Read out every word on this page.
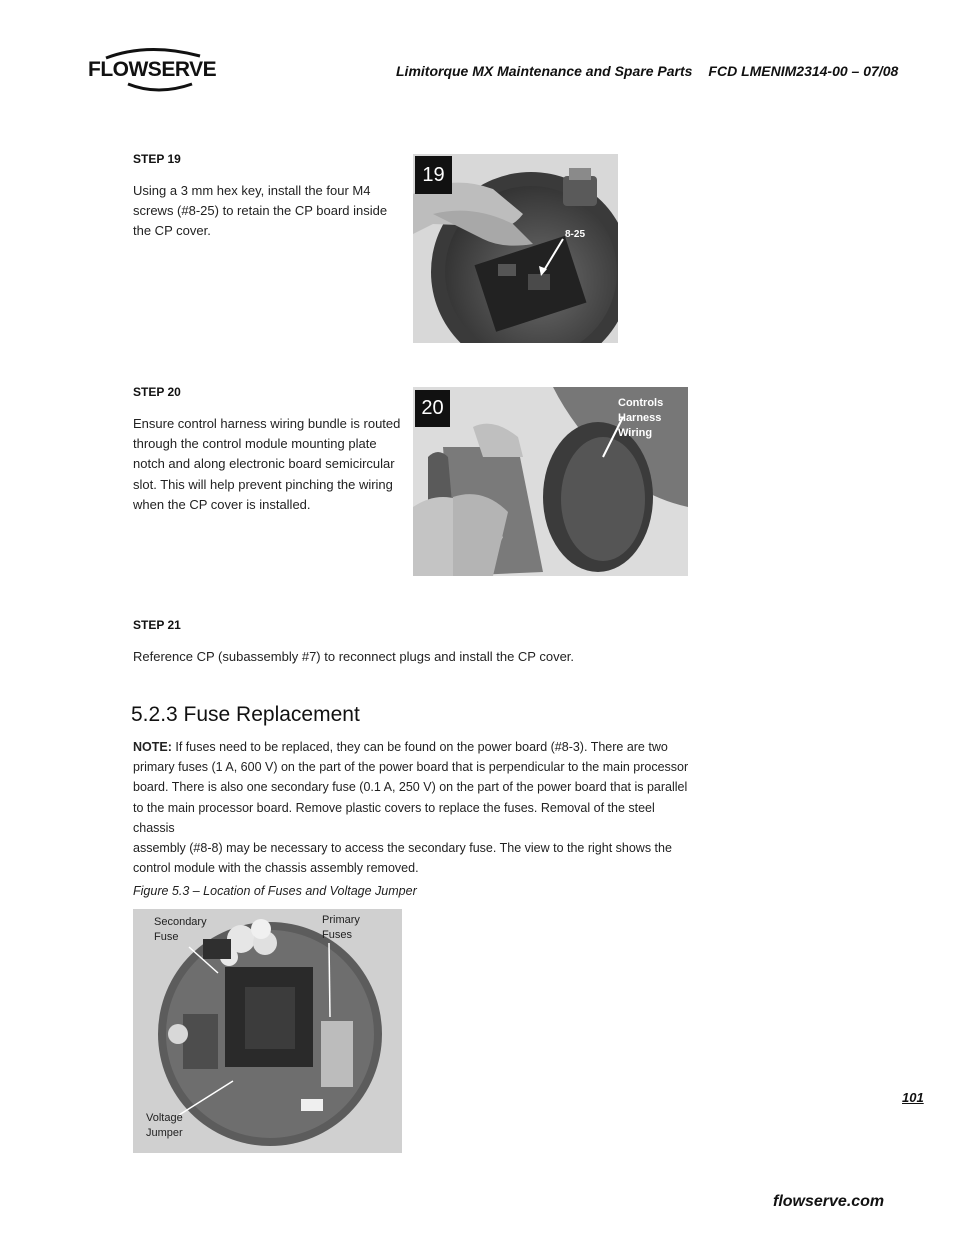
FLOWSERVE	Limitorque MX Maintenance and Spare Parts FCD LMENIM2314-00 – 07/08
STEP 19
Using a 3 mm hex key, install the four M4
screws (#8-25) to retain the CP board inside
the CP cover.
19
8-25
STEP 20
Ensure control harness wiring bundle is routed
through the control module mounting plate
notch and along electronic board semicircular
slot. This will help prevent pinching the wiring
when the CP cover is installed.
20	Controls
Harness
Wiring
STEP 21
Reference CP (subassembly #7) to reconnect plugs and install the CP cover.
5.2.3 Fuse Replacement
NOTE: If fuses need to be replaced, they can be found on the power board (#8-3). There are two
primary fuses (1 A, 600 V) on the part of the power board that is perpendicular to the main processor
board. There is also one secondary fuse (0.1 A, 250 V) on the part of the power board that is parallel
to the main processor board. Remove plastic covers to replace the fuses. Removal of the steel chassis
assembly (#8-8) may be necessary to access the secondary fuse. The view to the right shows the
control module with the chassis assembly removed.
Figure 5.3 – Location of Fuses and Voltage Jumper
Secondary
Fuse
Primary
Fuses
Voltage
Jumper
101
flowserve.com
